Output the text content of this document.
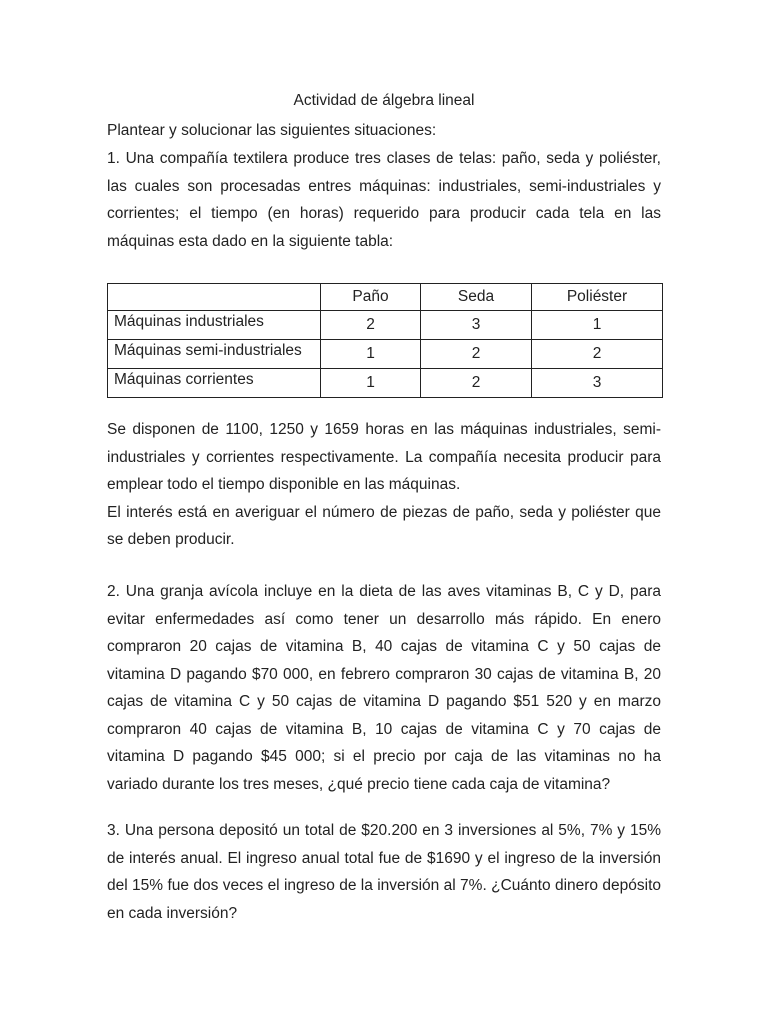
Actividad de álgebra lineal

Plantear y solucionar las siguientes situaciones:

1. Una compañía textilera produce tres clases de telas: paño, seda y poliéster, las cuales son procesadas entres máquinas: industriales, semi-industriales y corrientes; el tiempo (en horas) requerido para producir cada tela en las máquinas esta dado en la siguiente tabla:

	Paño	Seda	Poliéster
Máquinas industriales	2	3	1
Máquinas semi-industriales	1	2	2
Máquinas corrientes	1	2	3

Se disponen de 1100, 1250 y 1659 horas en las máquinas industriales, semi-industriales y corrientes respectivamente. La compañía necesita producir para emplear todo el tiempo disponible en las máquinas.

El interés está en averiguar el número de piezas de paño, seda y poliéster que se deben producir.

2. Una granja avícola incluye en la dieta de las aves vitaminas B, C y D, para evitar enfermedades así como tener un desarrollo más rápido. En enero compraron 20 cajas de vitamina B, 40 cajas de vitamina C y 50 cajas de vitamina D pagando $70 000, en febrero compraron 30 cajas de vitamina B, 20 cajas de vitamina C y 50 cajas de vitamina D pagando $51 520 y en marzo compraron 40 cajas de vitamina B, 10 cajas de vitamina C y 70 cajas de vitamina D pagando $45 000; si el precio por caja de las vitaminas no ha variado durante los tres meses, ¿qué precio tiene cada caja de vitamina?

3. Una persona depositó un total de $20.200 en 3 inversiones al 5%, 7% y 15% de interés anual. El ingreso anual total fue de $1690 y el ingreso de la inversión del 15% fue dos veces el ingreso de la inversión al 7%. ¿Cuánto dinero depósito en cada inversión?
